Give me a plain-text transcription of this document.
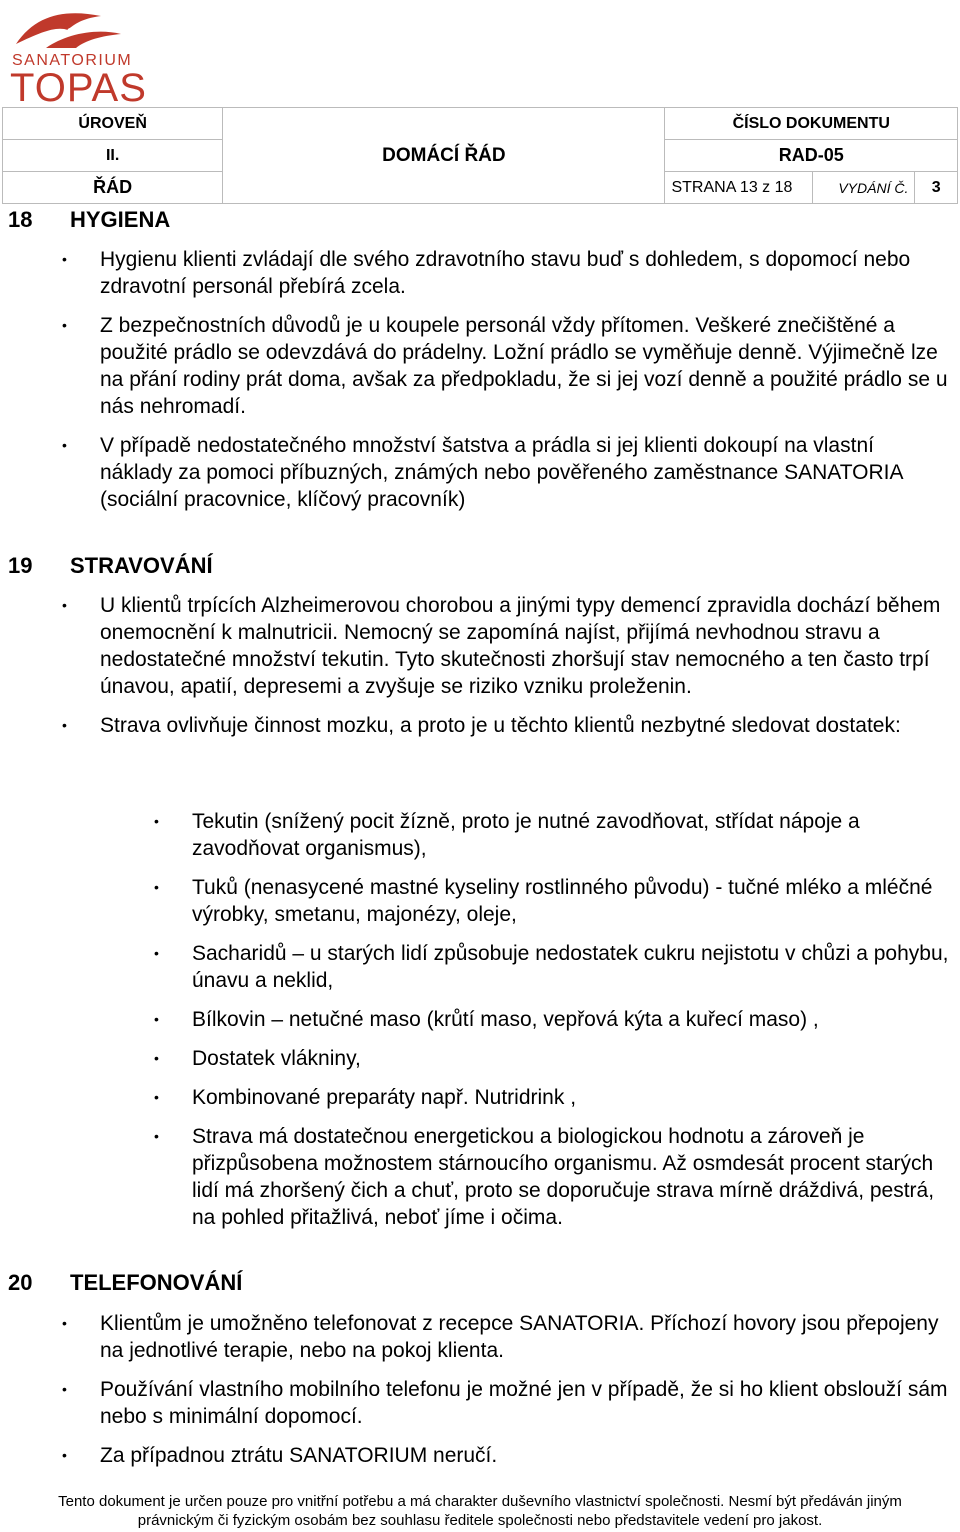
SANATORIUM
TOPAS
ÚROVEŇ	DOMÁCÍ ŘÁD	ČÍSLO DOKUMENTU		
II.		RAD-05		
ŘÁD		STRANA 13 z 18	VYDÁNÍ Č.	3
18 HYGIENA
• Hygienu klienti zvládají dle svého zdravotního stavu buď s dohledem, s dopomocí nebo zdravotní personál přebírá zcela.
• Z bezpečnostních důvodů je u koupele personál vždy přítomen. Veškeré znečištěné a použité prádlo se odevzdává do prádelny. Ložní prádlo se vyměňuje denně. Výjimečně lze na přání rodiny prát doma, avšak za předpokladu, že si jej vozí denně a použité prádlo se u nás nehromadí.
• V případě nedostatečného množství šatstva a prádla si jej klienti dokoupí na vlastní náklady za pomoci příbuzných, známých nebo pověřeného zaměstnance SANATORIA (sociální pracovnice, klíčový pracovník)
19 STRAVOVÁNÍ
• U klientů trpících Alzheimerovou chorobou a jinými typy demencí zpravidla dochází během onemocnění k malnutricii. Nemocný se zapomíná najíst, přijímá nevhodnou stravu a nedostatečné množství tekutin. Tyto skutečnosti zhoršují stav nemocného a ten často trpí únavou, apatií, depresemi a zvyšuje se riziko vzniku proleženin.
• Strava ovlivňuje činnost mozku, a proto je u těchto klientů nezbytné sledovat dostatek:
• Tekutin (snížený pocit žízně, proto je nutné zavodňovat, střídat nápoje a zavodňovat organismus),
• Tuků (nenasycené mastné kyseliny rostlinného původu) - tučné mléko a mléčné výrobky, smetanu, majonézy, oleje,
• Sacharidů – u starých lidí způsobuje nedostatek cukru nejistotu v chůzi a pohybu, únavu a neklid,
• Bílkovin – netučné maso (krůtí maso, vepřová kýta a kuřecí maso) ,
• Dostatek vlákniny,
• Kombinované preparáty např. Nutridrink ,
• Strava má dostatečnou energetickou a biologickou hodnotu a zároveň je přizpůsobena možnostem stárnoucího organismu. Až osmdesát procent starých lidí má zhoršený čich a chuť, proto se doporučuje strava mírně dráždivá, pestrá, na pohled přitažlivá, neboť jíme i očima.
20 TELEFONOVÁNÍ
• Klientům je umožněno telefonovat z recepce SANATORIA. Příchozí hovory jsou přepojeny na jednotlivé terapie, nebo na pokoj klienta.
• Používání vlastního mobilního telefonu je možné jen v případě, že si ho klient obslouží sám nebo s minimální dopomocí.
• Za případnou ztrátu SANATORIUM neručí.
Tento dokument je určen pouze pro vnitřní potřebu a má charakter duševního vlastnictví společnosti. Nesmí být předáván jiným
právnickým či fyzickým osobám bez souhlasu ředitele společnosti nebo představitele vedení pro jakost.
